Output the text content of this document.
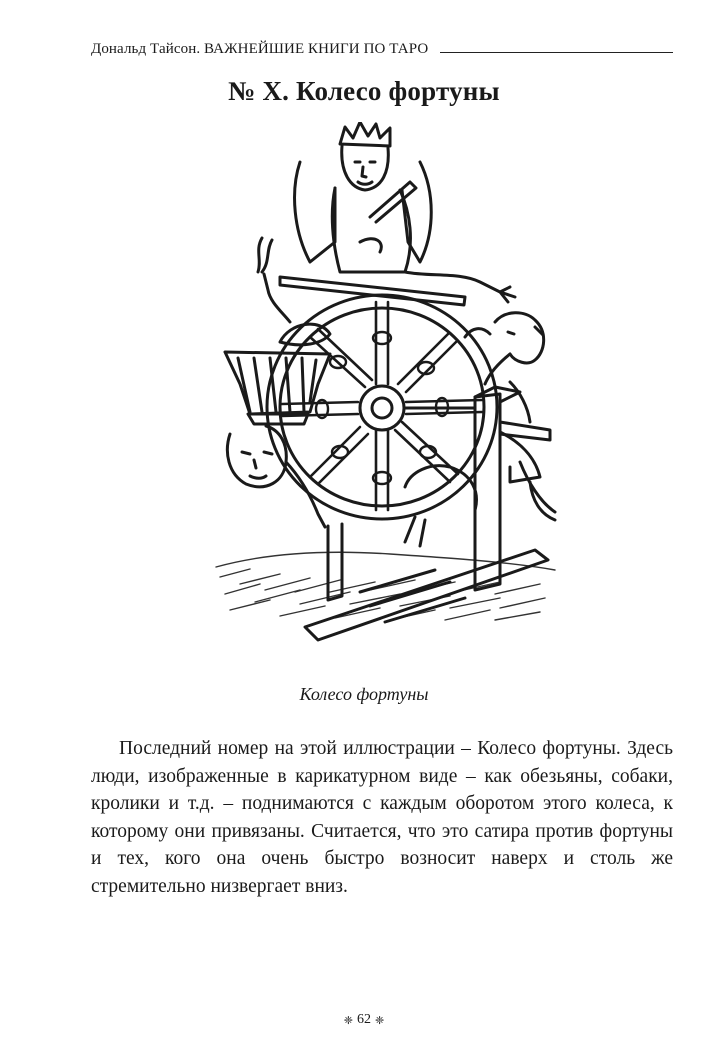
Дональд Тайсон. ВАЖНЕЙШИЕ КНИГИ ПО ТАРО
№ X. Колесо фортуны
Колесо фортуны

Последний номер на этой иллюстрации – Колесо фортуны. Здесь люди, изображенные в карикатурном виде – как обезьяны, собаки, кролики и т.д. – поднимаются с каждым оборотом этого колеса, к которому они привязаны. Считается, что это сатира против фортуны и тех, кого она очень быстро возносит наверх и столь же стремительно низвергает вниз.

❈ 62 ❈
